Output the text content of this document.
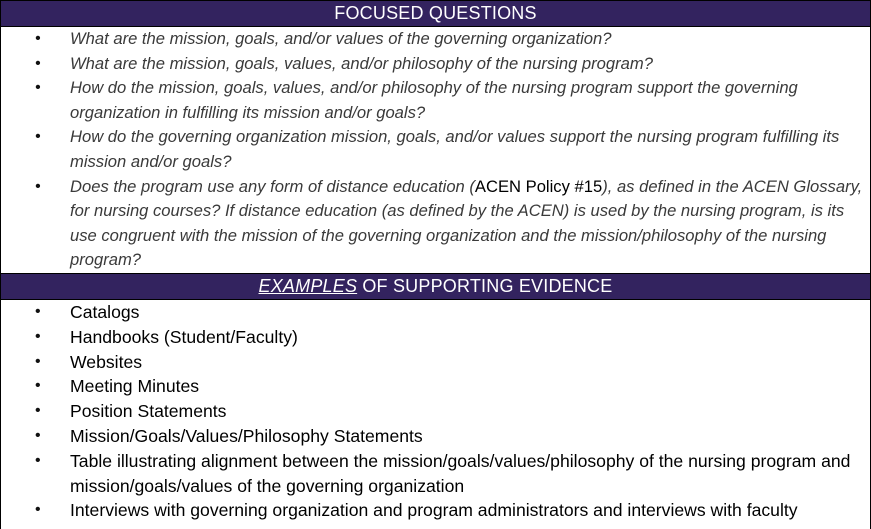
FOCUSED QUESTIONS
• What are the mission, goals, and/or values of the governing organization?
• What are the mission, goals, values, and/or philosophy of the nursing program?
• How do the mission, goals, values, and/or philosophy of the nursing program support the governing organization in fulfilling its mission and/or goals?
• How do the governing organization mission, goals, and/or values support the nursing program fulfilling its mission and/or goals?
• Does the program use any form of distance education (ACEN Policy #15), as defined in the ACEN Glossary, for nursing courses? If distance education (as defined by the ACEN) is used by the nursing program, is its use congruent with the mission of the governing organization and the mission/philosophy of the nursing program?
EXAMPLES OF SUPPORTING EVIDENCE
• Catalogs
• Handbooks (Student/Faculty)
• Websites
• Meeting Minutes
• Position Statements
• Mission/Goals/Values/Philosophy Statements
• Table illustrating alignment between the mission/goals/values/philosophy of the nursing program and mission/goals/values of the governing organization
• Interviews with governing organization and program administrators and interviews with faculty
